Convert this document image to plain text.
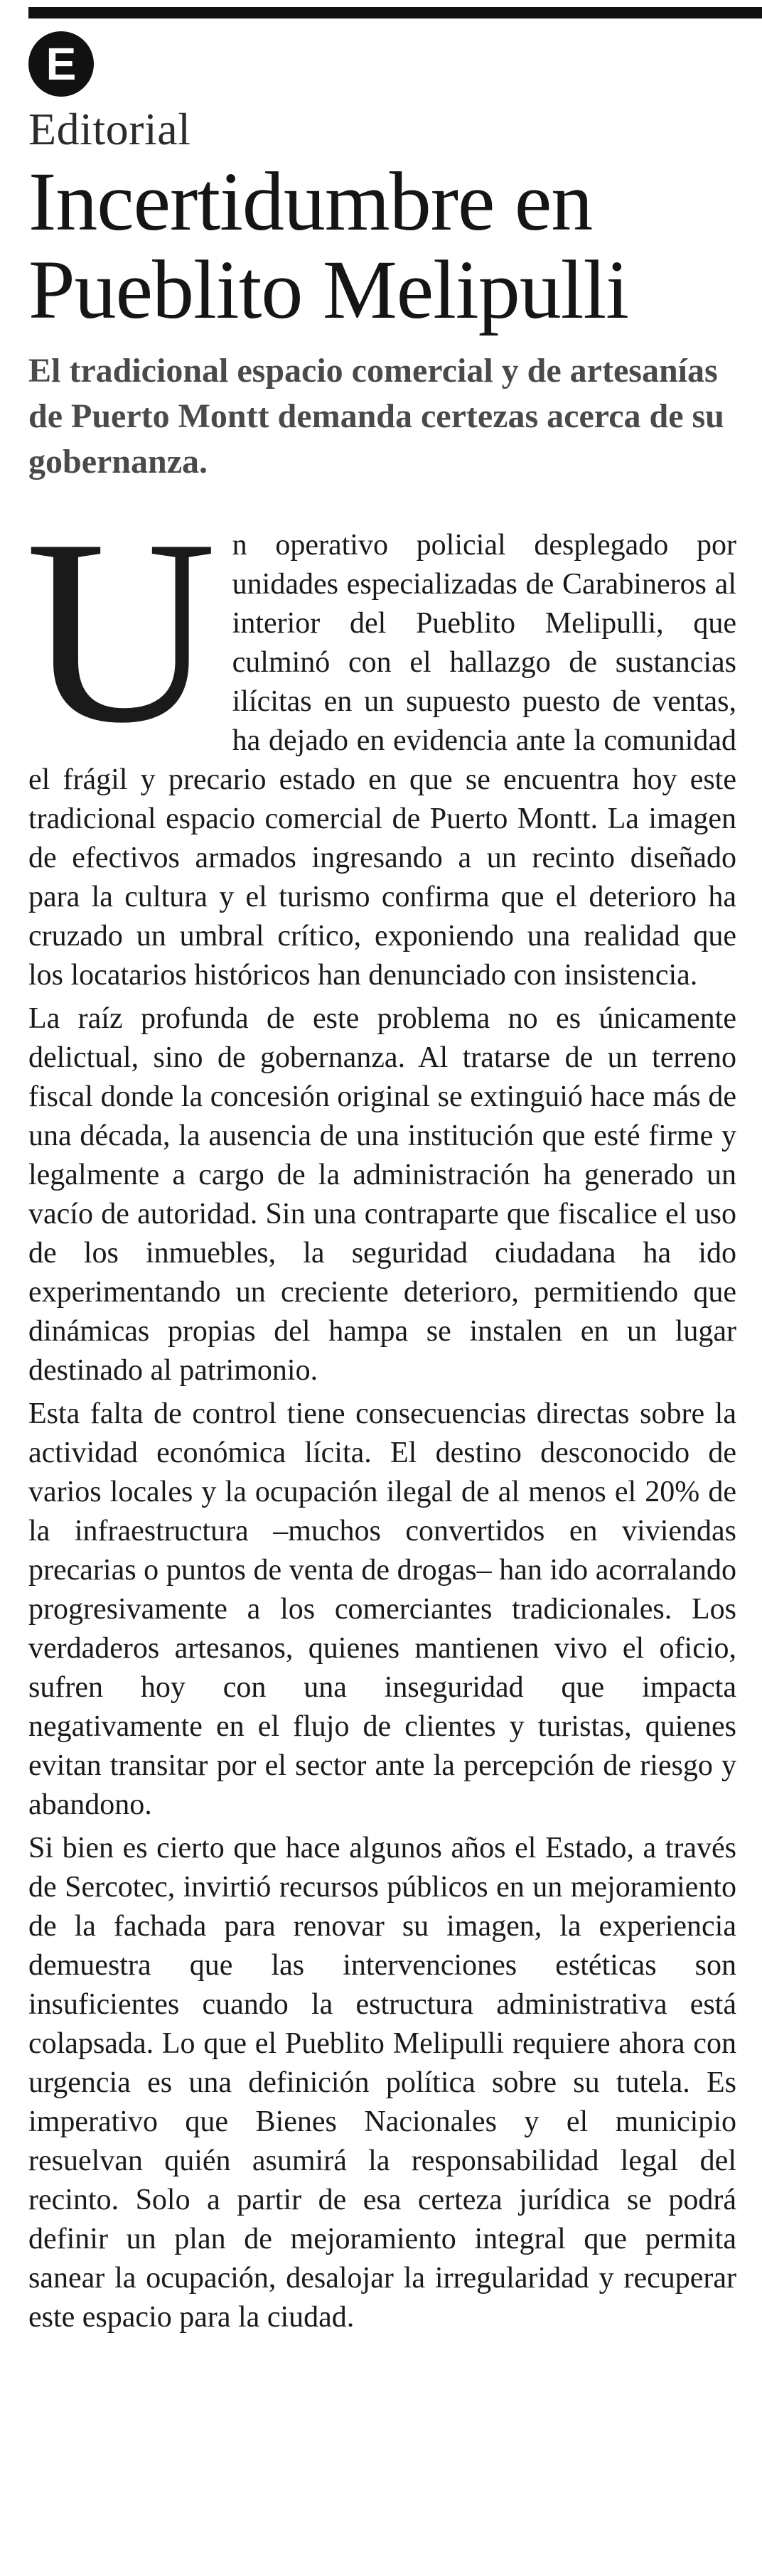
E
Editorial
Incertidumbre en Pueblito Melipulli

El tradicional espacio comercial y de artesanías de Puerto Montt demanda certezas acerca de su gobernanza.

Un operativo policial desplegado por unidades especializadas de Carabineros al interior del Pueblito Melipulli, que culminó con el hallazgo de sustancias ilícitas en un supuesto puesto de ventas, ha dejado en evidencia ante la comunidad el frágil y precario estado en que se encuentra hoy este tradicional espacio comercial de Puerto Montt. La imagen de efectivos armados ingresando a un recinto diseñado para la cultura y el turismo confirma que el deterioro ha cruzado un umbral crítico, exponiendo una realidad que los locatarios históricos han denunciado con insistencia.

La raíz profunda de este problema no es únicamente delictual, sino de gobernanza. Al tratarse de un terreno fiscal donde la concesión original se extinguió hace más de una década, la ausencia de una institución que esté firme y legalmente a cargo de la administración ha generado un vacío de autoridad. Sin una contraparte que fiscalice el uso de los inmuebles, la seguridad ciudadana ha ido experimentando un creciente deterioro, permitiendo que dinámicas propias del hampa se instalen en un lugar destinado al patrimonio.

Esta falta de control tiene consecuencias directas sobre la actividad económica lícita. El destino desconocido de varios locales y la ocupación ilegal de al menos el 20% de la infraestructura –muchos convertidos en viviendas precarias o puntos de venta de drogas– han ido acorralando progresivamente a los comerciantes tradicionales. Los verdaderos artesanos, quienes mantienen vivo el oficio, sufren hoy con una inseguridad que impacta negativamente en el flujo de clientes y turistas, quienes evitan transitar por el sector ante la percepción de riesgo y abandono.

Si bien es cierto que hace algunos años el Estado, a través de Sercotec, invirtió recursos públicos en un mejoramiento de la fachada para renovar su imagen, la experiencia demuestra que las intervenciones estéticas son insuficientes cuando la estructura administrativa está colapsada. Lo que el Pueblito Melipulli requiere ahora con urgencia es una definición política sobre su tutela. Es imperativo que Bienes Nacionales y el municipio resuelvan quién asumirá la responsabilidad legal del recinto. Solo a partir de esa certeza jurídica se podrá definir un plan de mejoramiento integral que permita sanear la ocupación, desalojar la irregularidad y recuperar este espacio para la ciudad.
